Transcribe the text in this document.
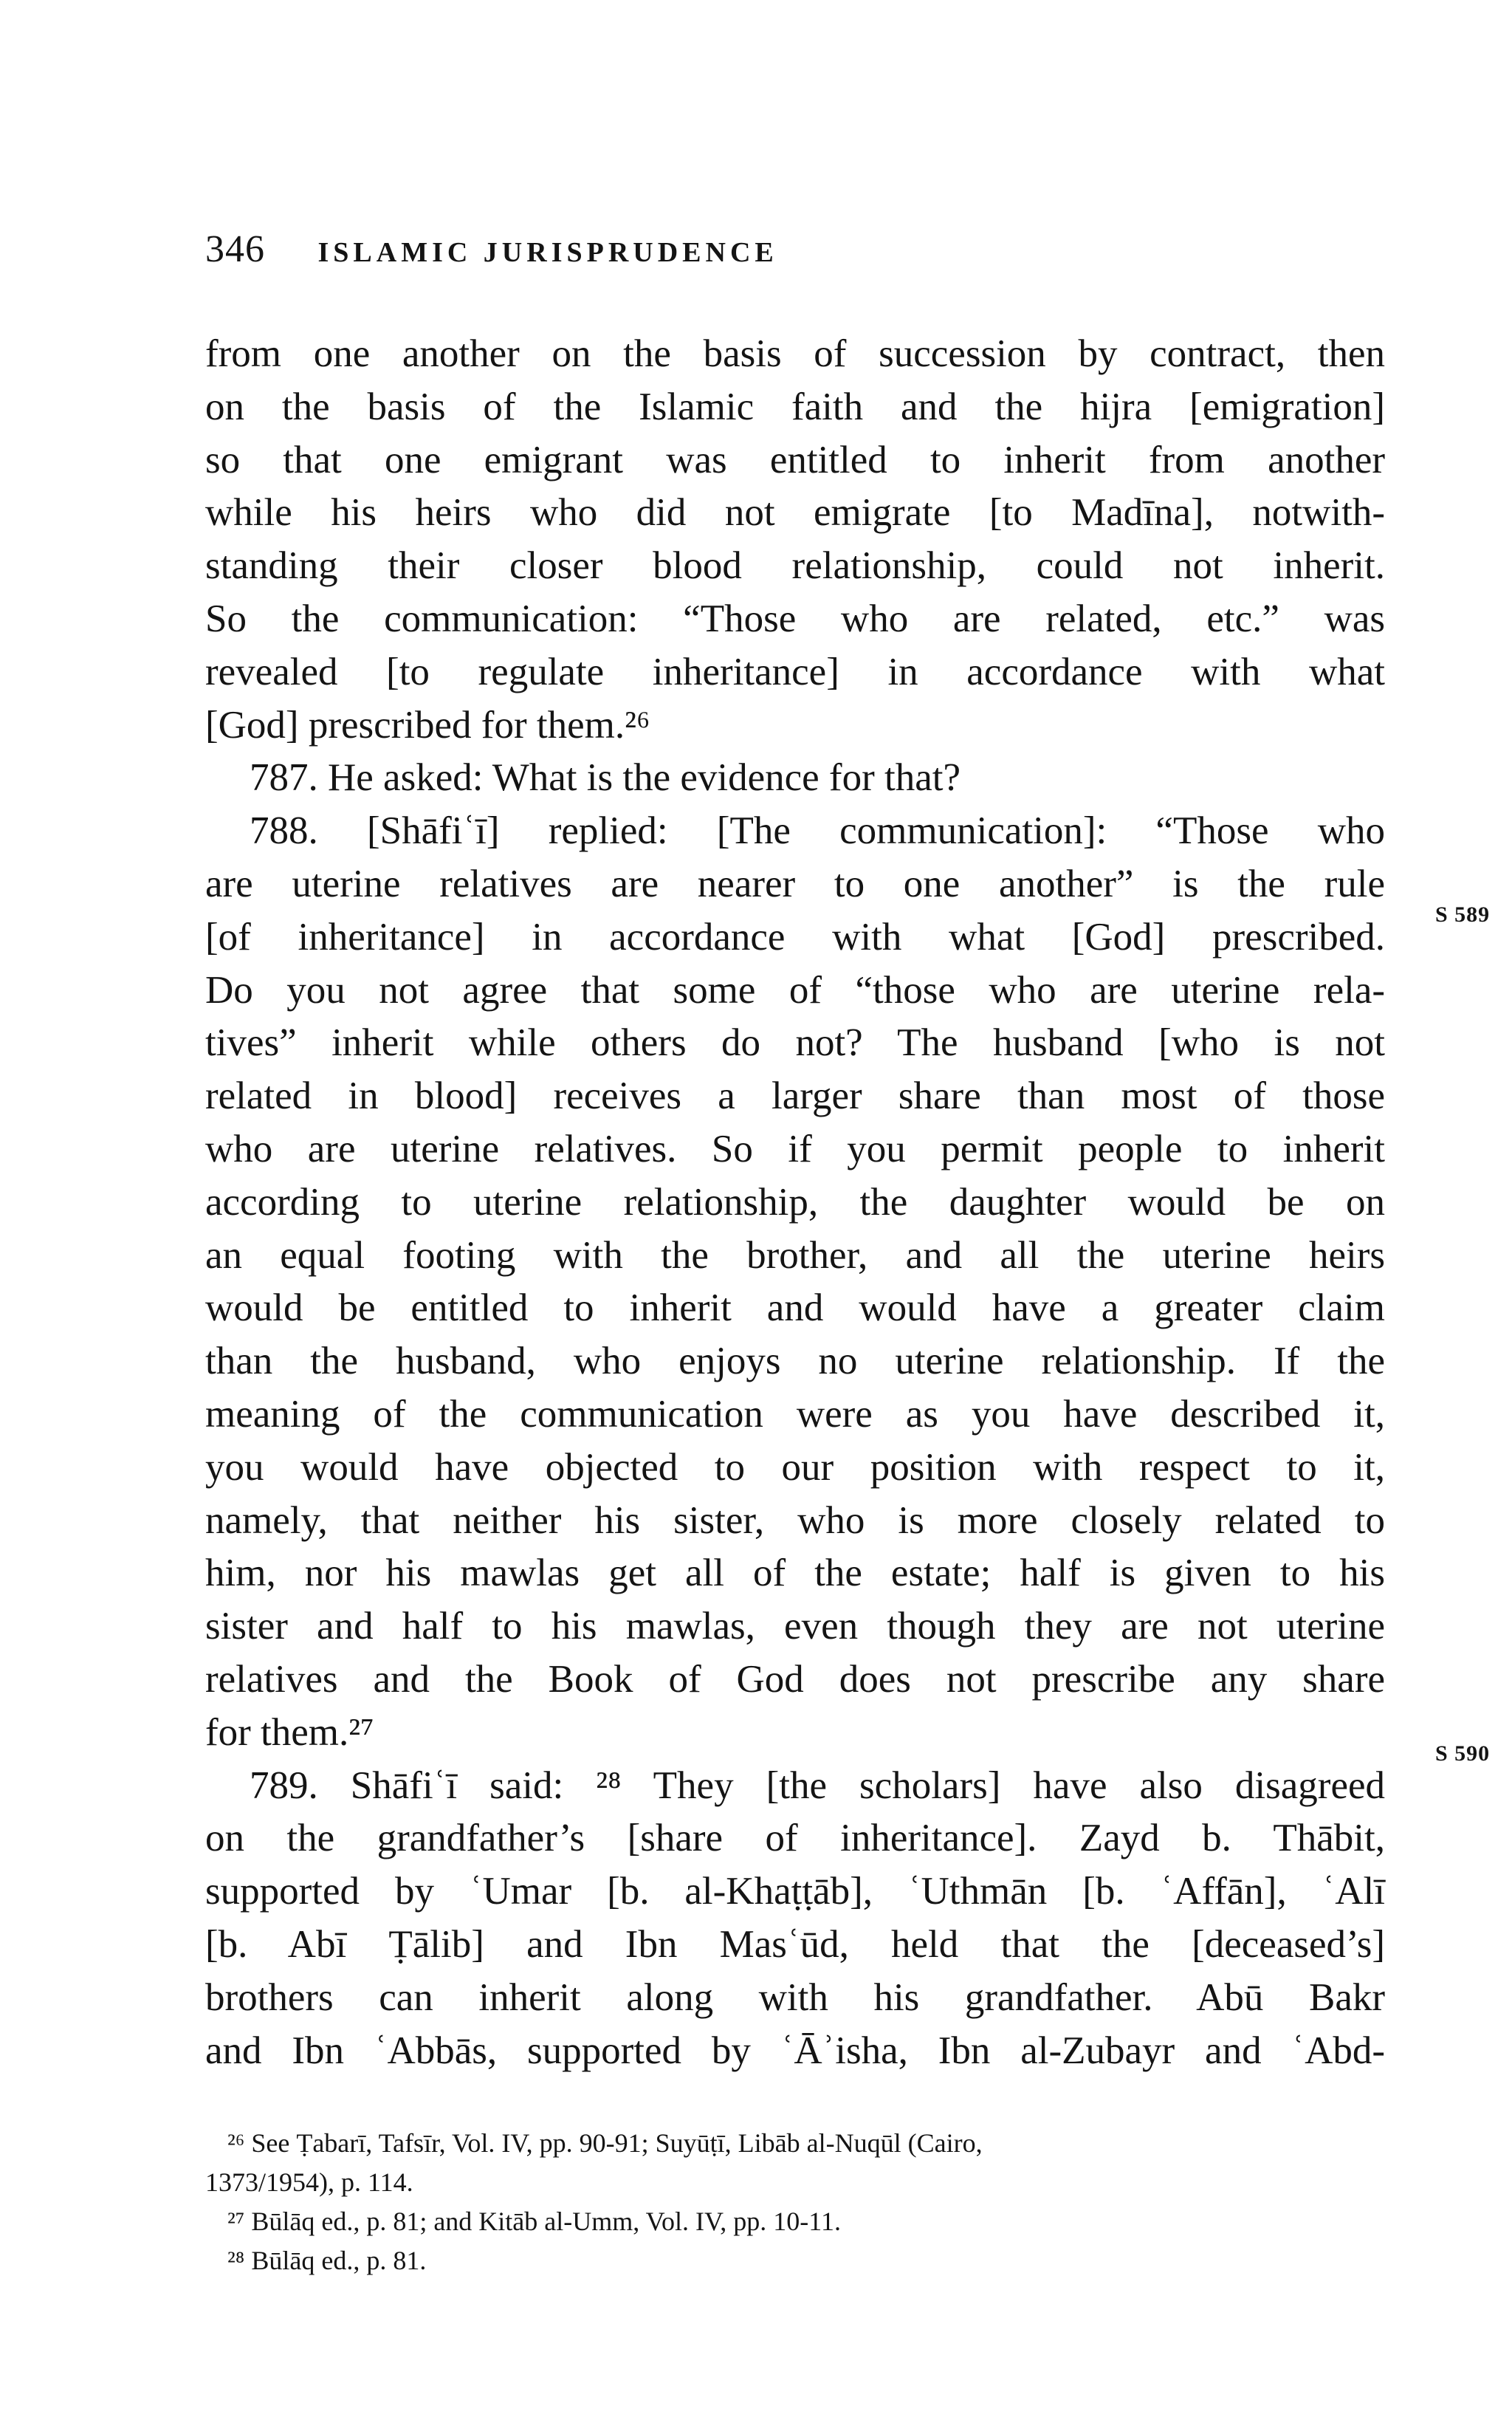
346 ISLAMIC JURISPRUDENCE
from one another on the basis of succession by contract, then
on the basis of the Islamic faith and the hijra [emigration]
so that one emigrant was entitled to inherit from another
while his heirs who did not emigrate [to Madīna], notwith-
standing their closer blood relationship, could not inherit.
So the communication: “Those who are related, etc.” was
revealed [to regulate inheritance] in accordance with what
[God] prescribed for them.²⁶
787. He asked: What is the evidence for that?
788. [Shāfiʿī] replied: [The communication]: “Those who
are uterine relatives are nearer to one another” is the rule
[of inheritance] in accordance with what [God] prescribed.
Do you not agree that some of “those who are uterine rela-
tives” inherit while others do not? The husband [who is not
related in blood] receives a larger share than most of those
who are uterine relatives. So if you permit people to inherit
according to uterine relationship, the daughter would be on
an equal footing with the brother, and all the uterine heirs
would be entitled to inherit and would have a greater claim
than the husband, who enjoys no uterine relationship. If the
meaning of the communication were as you have described it,
you would have objected to our position with respect to it,
namely, that neither his sister, who is more closely related to
him, nor his mawlas get all of the estate; half is given to his
sister and half to his mawlas, even though they are not uterine
relatives and the Book of God does not prescribe any share
for them.²⁷
789. Shāfiʿī said: ²⁸ They [the scholars] have also disagreed
on the grandfather’s [share of inheritance]. Zayd b. Thābit,
supported by ʿUmar [b. al-Khaṭṭāb], ʿUthmān [b. ʿAffān], ʿAlī
[b. Abī Ṭālib] and Ibn Masʿūd, held that the [deceased’s]
brothers can inherit along with his grandfather. Abū Bakr
and Ibn ʿAbbās, supported by ʿĀʾisha, Ibn al-Zubayr and ʿAbd-
S 589
S 590
²⁶ See Ṭabarī, Tafsīr, Vol. IV, pp. 90-91; Suyūṭī, Libāb al-Nuqūl (Cairo,
1373/1954), p. 114.
²⁷ Būlāq ed., p. 81; and Kitāb al-Umm, Vol. IV, pp. 10-11.
²⁸ Būlāq ed., p. 81.
